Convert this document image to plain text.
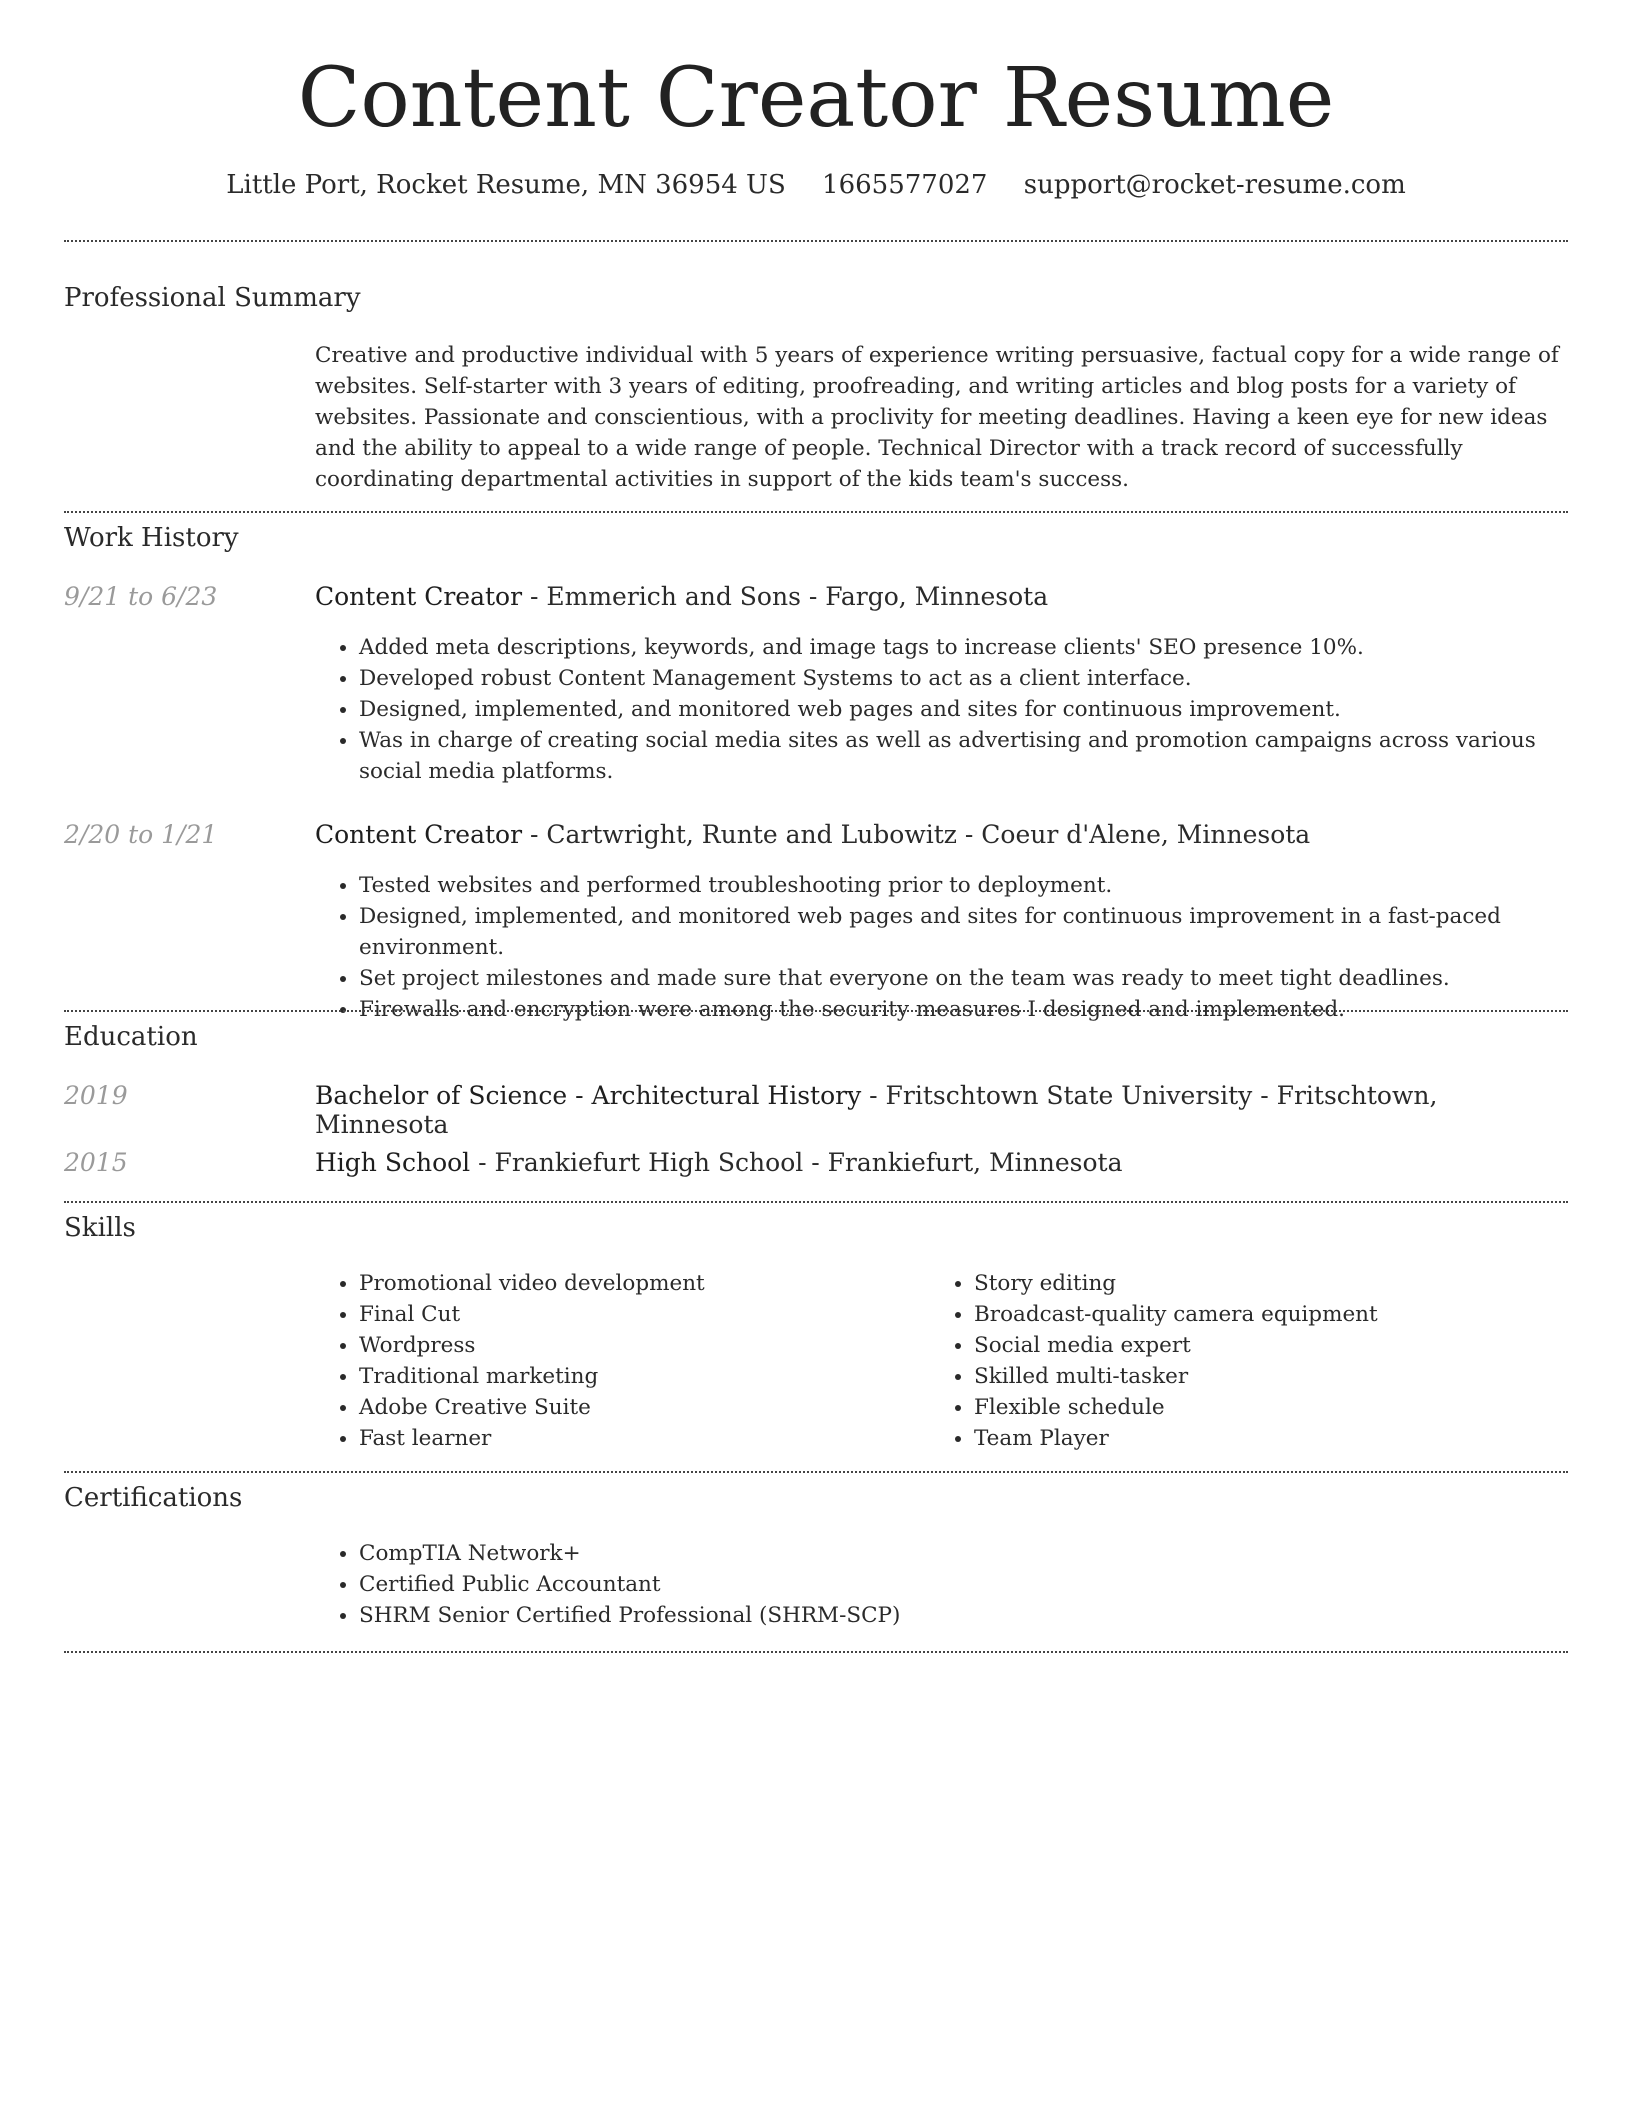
Content Creator Resume
Little Port, Rocket Resume, MN 36954 US 1665577027 support@rocket-resume.com
Professional Summary
Creative and productive individual with 5 years of experience writing persuasive, factual copy for a wide range of websites. Self-starter with 3 years of editing, proofreading, and writing articles and blog posts for a variety of websites. Passionate and conscientious, with a proclivity for meeting deadlines. Having a keen eye for new ideas and the ability to appeal to a wide range of people. Technical Director with a track record of successfully coordinating departmental activities in support of the kids team's success.
Work History
9/21 to 6/23	Content Creator - Emmerich and Sons - Fargo, Minnesota
• Added meta descriptions, keywords, and image tags to increase clients' SEO presence 10%.
• Developed robust Content Management Systems to act as a client interface.
• Designed, implemented, and monitored web pages and sites for continuous improvement.
• Was in charge of creating social media sites as well as advertising and promotion campaigns across various social media platforms.
2/20 to 1/21	Content Creator - Cartwright, Runte and Lubowitz - Coeur d'Alene, Minnesota
• Tested websites and performed troubleshooting prior to deployment.
• Designed, implemented, and monitored web pages and sites for continuous improvement in a fast-paced environment.
• Set project milestones and made sure that everyone on the team was ready to meet tight deadlines.
• Firewalls and encryption were among the security measures I designed and implemented.
Education
2019	Bachelor of Science - Architectural History - Fritschtown State University - Fritschtown, Minnesota
2015	High School - Frankiefurt High School - Frankiefurt, Minnesota
Skills
• Promotional video development
• Final Cut
• Wordpress
• Traditional marketing
• Adobe Creative Suite
• Fast learner
• Story editing
• Broadcast-quality camera equipment
• Social media expert
• Skilled multi-tasker
• Flexible schedule
• Team Player
Certifications
• CompTIA Network+
• Certified Public Accountant
• SHRM Senior Certified Professional (SHRM-SCP)
